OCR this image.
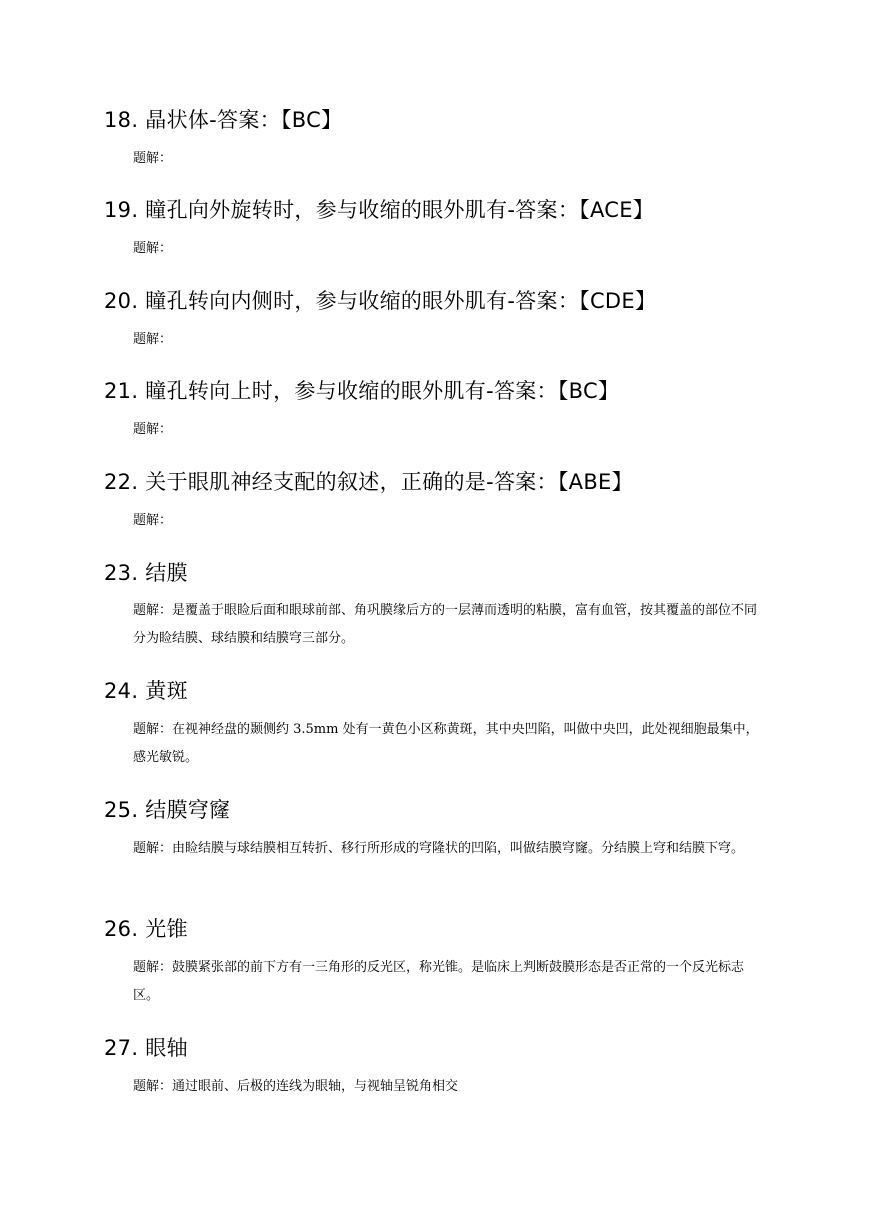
18. 晶状体-答案：【BC】
题解：
19. 瞳孔向外旋转时，参与收缩的眼外肌有-答案：【ACE】
题解：
20. 瞳孔转向内侧时，参与收缩的眼外肌有-答案：【CDE】
题解：
21. 瞳孔转向上时，参与收缩的眼外肌有-答案：【BC】
题解：
22. 关于眼肌神经支配的叙述，正确的是-答案：【ABE】
题解：
23. 结膜
题解：是覆盖于眼睑后面和眼球前部、角巩膜缘后方的一层薄而透明的粘膜，富有血管，按其覆盖的部位不同分为睑结膜、球结膜和结膜穹三部分。
24. 黄斑
题解：在视神经盘的颞侧约 3.5mm 处有一黄色小区称黄斑，其中央凹陷，叫做中央凹，此处视细胞最集中，感光敏锐。
25. 结膜穹窿
题解：由睑结膜与球结膜相互转折、移行所形成的穹隆状的凹陷，叫做结膜穹窿。分结膜上穹和结膜下穹。
26. 光锥
题解：鼓膜紧张部的前下方有一三角形的反光区，称光锥。是临床上判断鼓膜形态是否正常的一个反光标志区。
27. 眼轴
题解：通过眼前、后极的连线为眼轴，与视轴呈锐角相交
